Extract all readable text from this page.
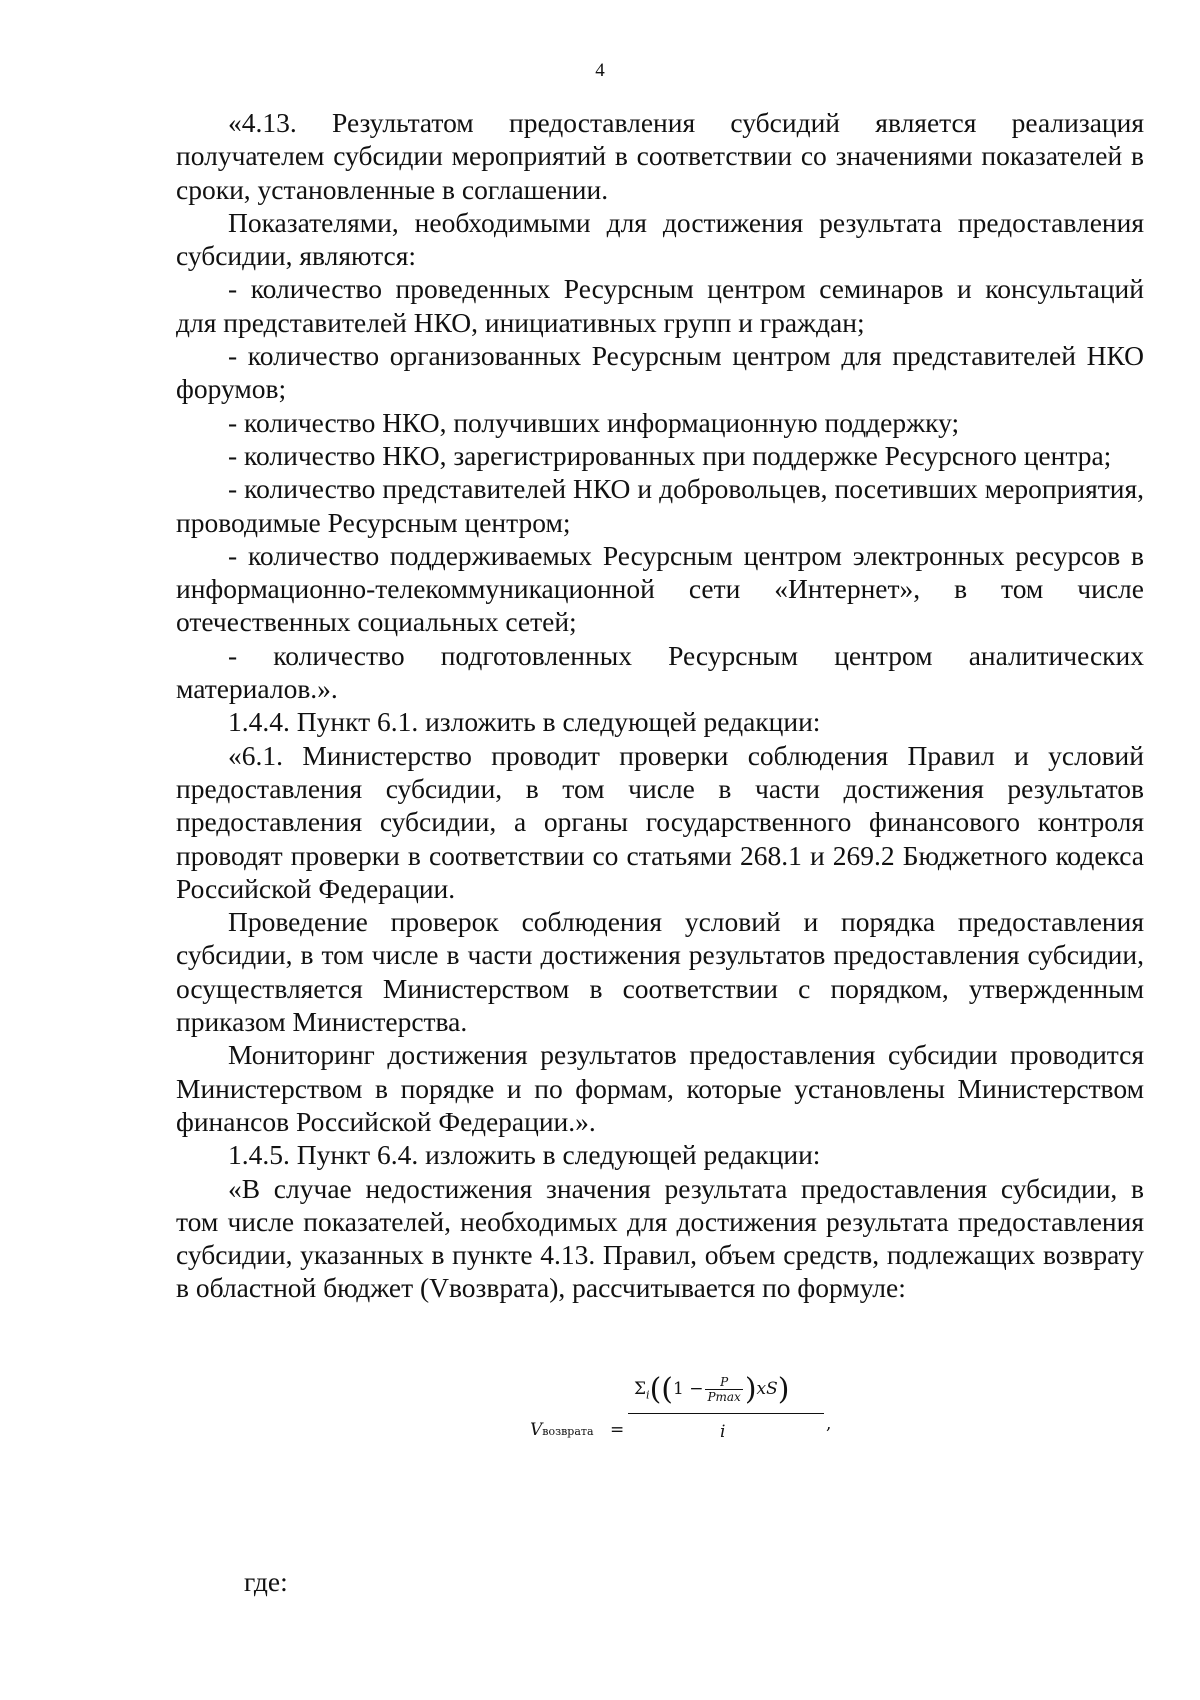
4

«4.13. Результатом предоставления субсидий является реализация получателем субсидии мероприятий в соответствии со значениями показателей в сроки, установленные в соглашении.

Показателями, необходимыми для достижения результата предоставления субсидии, являются:

- количество проведенных Ресурсным центром семинаров и консультаций для представителей НКО, инициативных групп и граждан;

- количество организованных Ресурсным центром для представителей НКО форумов;

- количество НКО, получивших информационную поддержку;

- количество НКО, зарегистрированных при поддержке Ресурсного центра;

- количество представителей НКО и добровольцев, посетивших мероприятия, проводимые Ресурсным центром;

- количество поддерживаемых Ресурсным центром электронных ресурсов в информационно-телекоммуникационной сети «Интернет», в том числе отечественных социальных сетей;

- количество подготовленных Ресурсным центром аналитических материалов.».

1.4.4. Пункт 6.1. изложить в следующей редакции:

«6.1. Министерство проводит проверки соблюдения Правил и условий предоставления субсидии, в том числе в части достижения результатов предоставления субсидии, а органы государственного финансового контроля проводят проверки в соответствии со статьями 268.1 и 269.2 Бюджетного кодекса Российской Федерации.

Проведение проверок соблюдения условий и порядка предоставления субсидии, в том числе в части достижения результатов предоставления субсидии, осуществляется Министерством в соответствии с порядком, утвержденным приказом Министерства.

Мониторинг достижения результатов предоставления субсидии проводится Министерством в порядке и по формам, которые установлены Министерством финансов Российской Федерации.».

1.4.5. Пункт 6.4. изложить в следующей редакции:

«В случае недостижения значения результата предоставления субсидии, в том числе показателей, необходимых для достижения результата предоставления субсидии, указанных в пункте 4.13. Правил, объем средств, подлежащих возврату в областной бюджет (Vвозврата), рассчитывается по формуле:

Vвозврата =
$\Sigma_i((1 - \frac{P}{Pmax} )xS)$
i	,
где:
